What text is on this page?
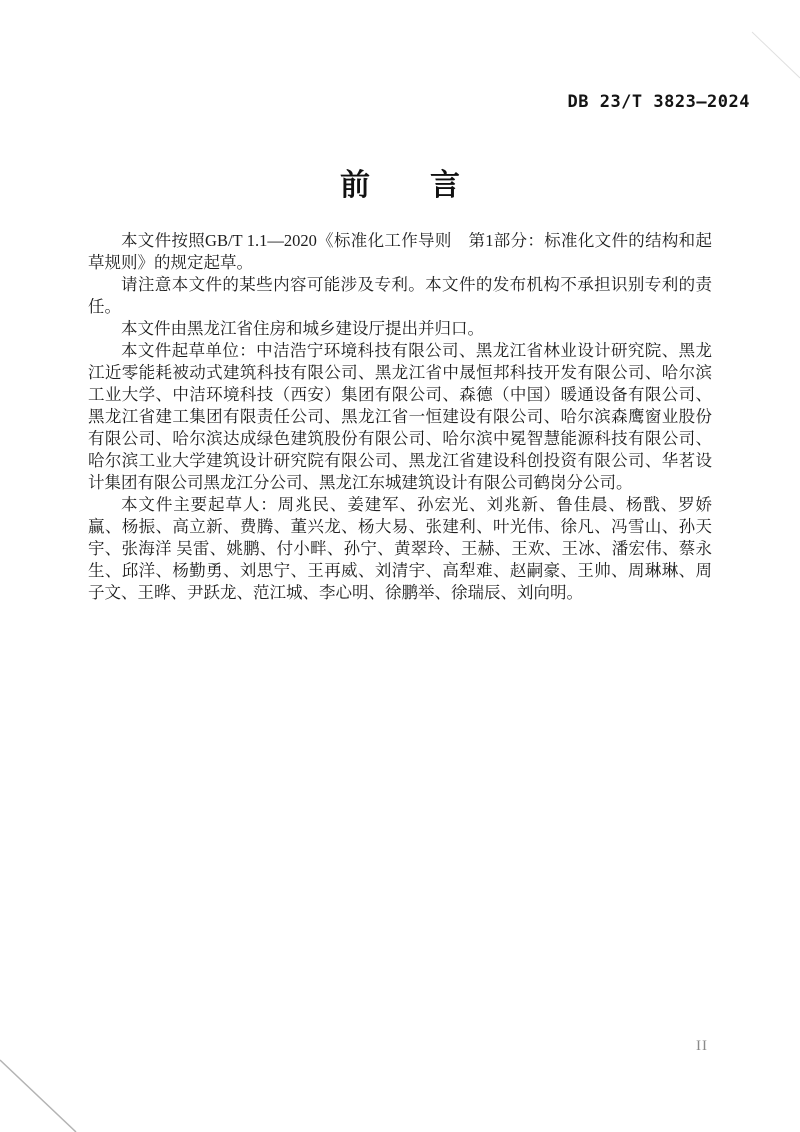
DB 23/T 3823—2024
前　　言

本文件按照GB/T 1.1—2020《标准化工作导则　第1部分：标准化文件的结构和起草规则》的规定起草。

请注意本文件的某些内容可能涉及专利。本文件的发布机构不承担识别专利的责任。

本文件由黑龙江省住房和城乡建设厅提出并归口。

本文件起草单位：中洁浩宁环境科技有限公司、黑龙江省林业设计研究院、黑龙江近零能耗被动式建筑科技有限公司、黑龙江省中晟恒邦科技开发有限公司、哈尔滨工业大学、中洁环境科技（西安）集团有限公司、森德（中国）暖通设备有限公司、黑龙江省建工集团有限责任公司、黑龙江省一恒建设有限公司、哈尔滨森鹰窗业股份有限公司、哈尔滨达成绿色建筑股份有限公司、哈尔滨中冕智慧能源科技有限公司、哈尔滨工业大学建筑设计研究院有限公司、黑龙江省建设科创投资有限公司、华茗设计集团有限公司黑龙江分公司、黑龙江东城建筑设计有限公司鹤岗分公司。

本文件主要起草人：周兆民、姜建军、孙宏光、刘兆新、鲁佳晨、杨戬、罗娇赢、杨振、高立新、费腾、董兴龙、杨大易、张建利、叶光伟、徐凡、冯雪山、孙天宇、张海洋 吴雷、姚鹏、付小畔、孙宁、黄翠玲、王赫、王欢、王冰、潘宏伟、蔡永生、邱洋、杨勤勇、刘思宁、王再威、刘清宇、高犁难、赵嗣豪、王帅、周琳琳、周子文、王晔、尹跃龙、范江城、李心明、徐鹏举、徐瑞辰、刘向明。

II
